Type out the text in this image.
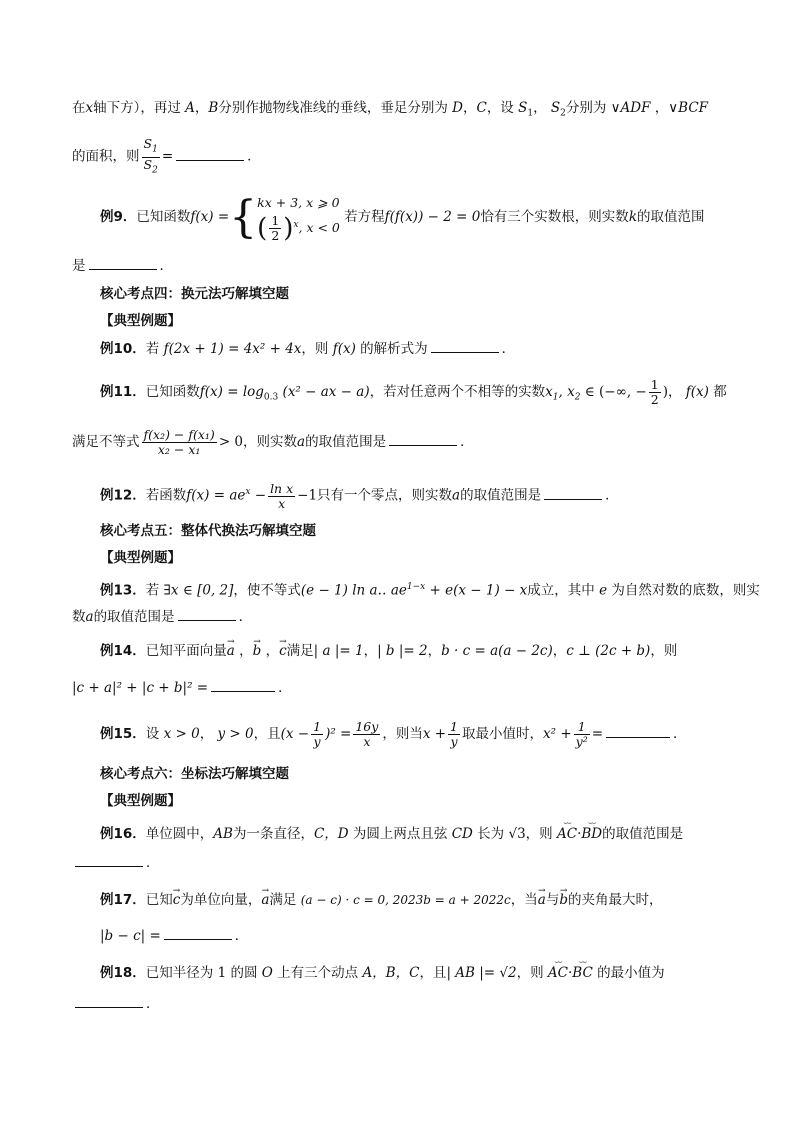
在x轴下方），再过 A，B分别作抛物线准线的垂线，垂足分别为 D，C，设 $S_1$， $S_2$分别为 ∨ADF ，∨BCF
的面积，则 $\frac{S_1}{S_2}$ =	．
例9．已知函数f(x) ={ kx + 3, x ⩾ 0
( $\frac{1}{2} )^x$, x < 0
若方程f(f(x)) − 2 = 0恰有三个实数根，则实数k的取值范围
是	．
核心考点四：换元法巧解填空题
【典型例题】
例10．若 f(2x + 1) = 4x² + 4x，则 f(x) 的解析式为	．
例11．已知函数$f(x) = \log_{0.3} (x^2$ − ax − a)，若对任意两个不相等的实数$x_1$, $x_2$ ∈ (−∞, − $\frac{1}{2}$ )， f(x) 都
满足不等式 $\frac{\text{f(x₂) − f(x₁)}}{\text{x₂ − x₁}} > 0$，则实数a的取值范围是	．
例12．若函数$f(x) = ae^x - \frac{\text{ln x}}{x} -1$只有一个零点，则实数a的取值范围是	．
核心考点五：整体代换法巧解填空题
【典型例题】
例13．若 ∃x ∈ [0, 2]，使不等式(e − 1) ln a‥ $ae^{1-x} + e(x - 1) - x$成立，其中 e 为自然对数的底数，则实
数a的取值范围是	．
例14．已知平面向量→ a ，→ b ，→ c满足| a |= 1，| b |= 2，b · c = a(a − 2c)，c ⊥ (2c + b)，则
|c + a|² + |c + b|² =	．
例15．设 x > 0， y > 0，且$(x - \frac{1}{y} )^2 = \frac{16y}{x}$ ，则当$x + \frac{1}{y}$ 取最小值时，$x^2 + \frac{1}{\text{y²}}$ =	．
核心考点六：坐标法巧解填空题
【典型例题】
例16．单位圆中，AB为一条直径，C，D 为圆上两点且弦 CD 长为 √3，则 ⌣⌣ AC·⌣⌣ BD的取值范围是
．
例17．已知→ c为单位向量，→ a满足 (a − c) · c = 0, 2023b = a + 2022c，当→ a与→ b的夹角最大时，
|b − c| =	．
例18．已知半径为 1 的圆 O 上有三个动点 A，B，C，且| AB |= √2，则 ⌣⌣ AC·⌣⌣ BC 的最小值为
．
